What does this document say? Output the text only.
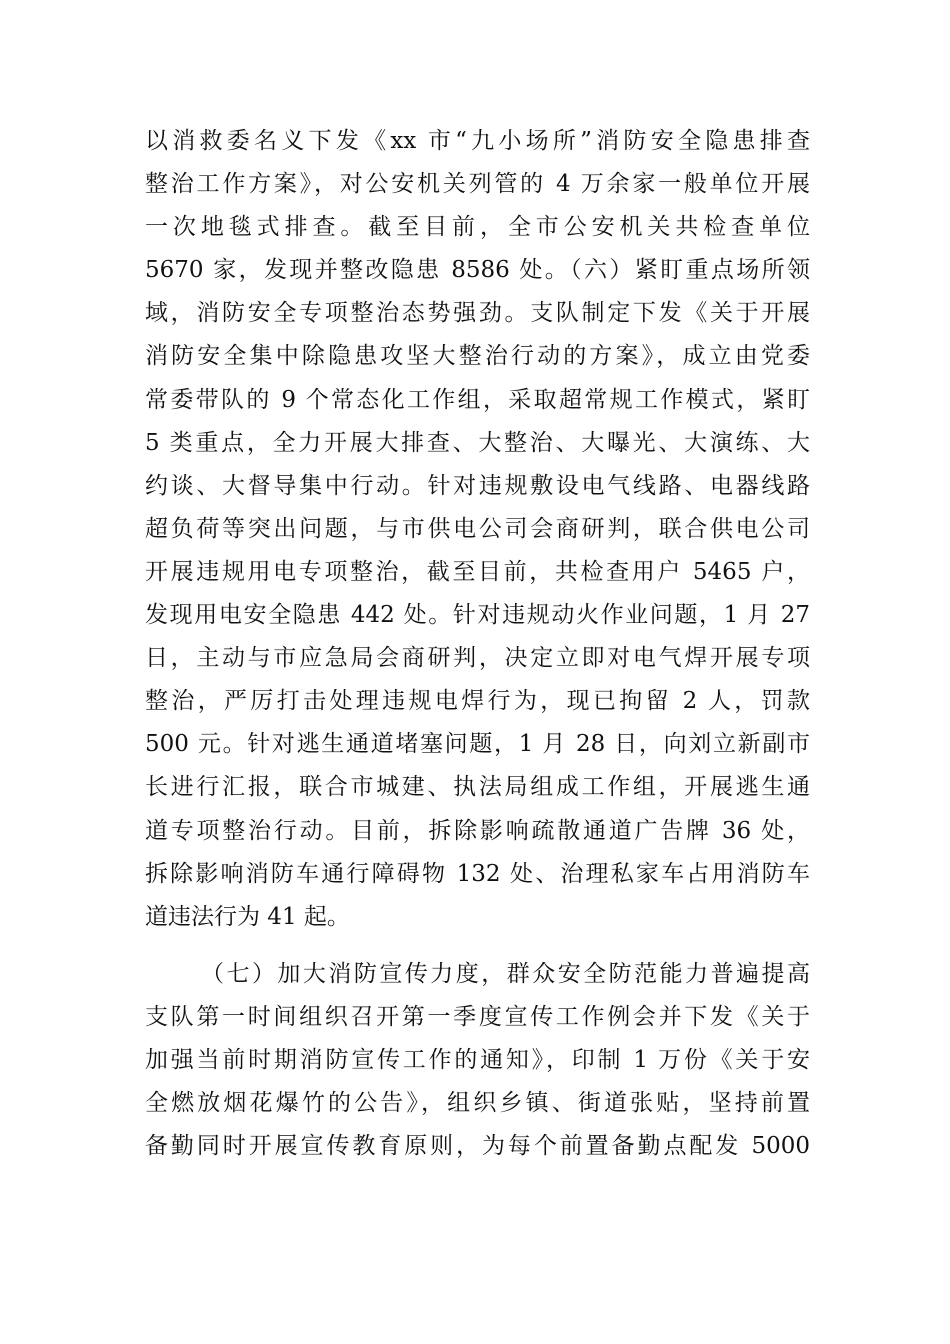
以消救委名义下发《xx 市“九小场所”消防安全隐患排查
整治工作方案》，对公安机关列管的 4 万余家一般单位开展
一次地毯式排查。截至目前，全市公安机关共检查单位
5670 家，发现并整改隐患 8586 处。（六）紧盯重点场所领
域，消防安全专项整治态势强劲。支队制定下发《关于开展
消防安全集中除隐患攻坚大整治行动的方案》，成立由党委
常委带队的 9 个常态化工作组，采取超常规工作模式，紧盯
5 类重点，全力开展大排查、大整治、大曝光、大演练、大
约谈、大督导集中行动。针对违规敷设电气线路、电器线路
超负荷等突出问题，与市供电公司会商研判，联合供电公司
开展违规用电专项整治，截至目前，共检查用户 5465 户，
发现用电安全隐患 442 处。针对违规动火作业问题，1 月 27
日，主动与市应急局会商研判，决定立即对电气焊开展专项
整治，严厉打击处理违规电焊行为，现已拘留 2 人，罚款
500 元。针对逃生通道堵塞问题，1 月 28 日，向刘立新副市
长进行汇报，联合市城建、执法局组成工作组，开展逃生通
道专项整治行动。目前，拆除影响疏散通道广告牌 36 处，
拆除影响消防车通行障碍物 132 处、治理私家车占用消防车
道违法行为 41 起。
（七）加大消防宣传力度，群众安全防范能力普遍提高
支队第一时间组织召开第一季度宣传工作例会并下发《关于
加强当前时期消防宣传工作的通知》，印制 1 万份《关于安
全燃放烟花爆竹的公告》，组织乡镇、街道张贴，坚持前置
备勤同时开展宣传教育原则，为每个前置备勤点配发 5000
